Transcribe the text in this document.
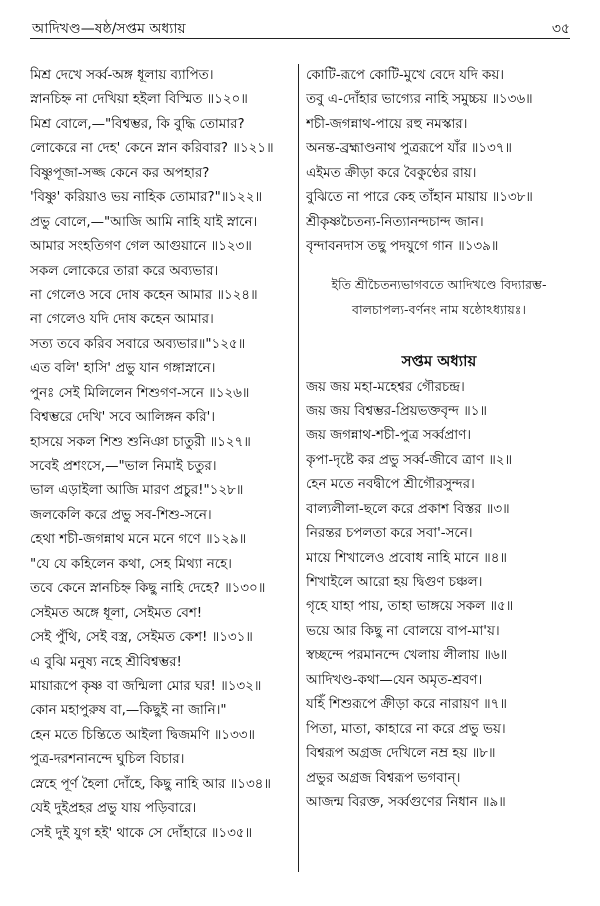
আদিখণ্ড—ষষ্ঠ/সপ্তম অধ্যায়	৩৫
মিশ্র দেখে সর্ব্ব-অঙ্গ ধূলায় ব্যাপিত।
স্নানচিহ্ন না দেখিয়া হইলা বিস্মিত ॥১২০॥
মিশ্র বোলে,—"বিশ্বম্ভর, কি বুদ্ধি তোমার?
লোকেরে না দেহ' কেনে স্নান করিবার? ॥১২১॥
বিষ্ণুপূজা-সজ্জ কেনে কর অপহার?
'বিষ্ণু' করিয়াও ভয় নাহিক তোমার?"॥১২২॥
প্রভু বোলে,—"আজি আমি নাহি যাই স্নানে।
আমার সংহতিগণ গেল আগুয়ানে ॥১২৩॥
সকল লোকেরে তারা করে অব্যভার।
না গেলেও সবে দোষ কহেন আমার ॥১২৪॥
না গেলেও যদি দোষ কহেন আমার।
সত্য তবে করিব সবারে অব্যভার॥"১২৫॥
এত বলি' হাসি' প্রভু যান গঙ্গাস্নানে।
পুনঃ সেই মিলিলেন শিশুগণ-সনে ॥১২৬॥
বিশ্বম্ভরে দেখি' সবে আলিঙ্গন করি'।
হাসয়ে সকল শিশু শুনিঞা চাতুরী ॥১২৭॥
সবেই প্রশংসে,—"ভাল নিমাই চতুর।
ভাল এড়াইলা আজি মারণ প্রচুর!"১২৮॥
জলকেলি করে প্রভু সব-শিশু-সনে।
হেথা শচী-জগন্নাথ মনে মনে গণে ॥১২৯॥
"যে যে কহিলেন কথা, সেহ মিথ্যা নহে।
তবে কেনে স্নানচিহ্ন কিছু নাহি দেহে? ॥১৩০॥
সেইমত অঙ্গে ধূলা, সেইমত বেশ!
সেই পুঁথি, সেই বস্ত্র, সেইমত কেশ! ॥১৩১॥
এ বুঝি মনুষ্য নহে শ্রীবিশ্বম্ভর!
মায়ারূপে কৃষ্ণ বা জন্মিলা মোর ঘর! ॥১৩২॥
কোন মহাপুরুষ বা,—কিছুই না জানি।"
হেন মতে চিন্তিতে আইলা দ্বিজমণি ॥১৩৩॥
পুত্র-দরশনানন্দে ঘুচিল বিচার।
স্নেহে পূর্ণ হৈলা দোঁহে, কিছু নাহি আর ॥১৩৪॥
যেই দুইপ্রহর প্রভু যায় পড়িবারে।
সেই দুই যুগ হই' থাকে সে দোঁহারে ॥১৩৫॥
কোটি-রূপে কোটি-মুখে বেদে যদি কয়।
তবু এ-দোঁহার ভাগ্যের নাহি সমুচ্চয় ॥১৩৬॥
শচী-জগন্নাথ-পায়ে রহু নমস্কার।
অনন্ত-ব্রহ্মাণ্ডনাথ পুত্ররূপে যাঁর ॥১৩৭॥
এইমত ক্রীড়া করে বৈকুণ্ঠের রায়।
বুঝিতে না পারে কেহ তাঁহান মায়ায় ॥১৩৮॥
শ্রীকৃষ্ণচৈতন্য-নিত্যানন্দচান্দ জান।
বৃন্দাবনদাস তছু পদযুগে গান ॥১৩৯॥
ইতি শ্রীচৈতন্যভাগবতে আদিখণ্ডে বিদ্যারম্ভ-
বালচাপল্য-বর্ণনং নাম ষষ্ঠোঽধ্যায়ঃ।
সপ্তম অধ্যায়
জয় জয় মহা-মহেশ্বর গৌরচন্দ্র।
জয় জয় বিশ্বম্ভর-প্রিয়ভক্তবৃন্দ ॥১॥
জয় জগন্নাথ-শচী-পুত্র সর্ব্বপ্রাণ।
কৃপা-দৃষ্টে কর প্রভু সর্ব্ব-জীবে ত্রাণ ॥২॥
হেন মতে নবদ্বীপে শ্রীগৌরসুন্দর।
বাল্যলীলা-ছলে করে প্রকাশ বিস্তর ॥৩॥
নিরন্তর চপলতা করে সবা'-সনে।
মায়ে শিখালেও প্রবোধ নাহি মানে ॥৪॥
শিখাইলে আরো হয় দ্বিগুণ চঞ্চল।
গৃহে যাহা পায়, তাহা ভাঙ্গয়ে সকল ॥৫॥
ভয়ে আর কিছু না বোলয়ে বাপ-মা'য়।
স্বচ্ছন্দে পরমানন্দে খেলায় লীলায় ॥৬॥
আদিখণ্ড-কথা—যেন অমৃত-শ্রবণ।
যহিঁ শিশুরূপে ক্রীড়া করে নারায়ণ ॥৭॥
পিতা, মাতা, কাহারে না করে প্রভু ভয়।
বিশ্বরূপ অগ্রজ দেখিলে নম্র হয় ॥৮॥
প্রভুর অগ্রজ বিশ্বরূপ ভগবান্।
আজন্ম বিরক্ত, সর্ব্বগুণের নিধান ॥৯॥
